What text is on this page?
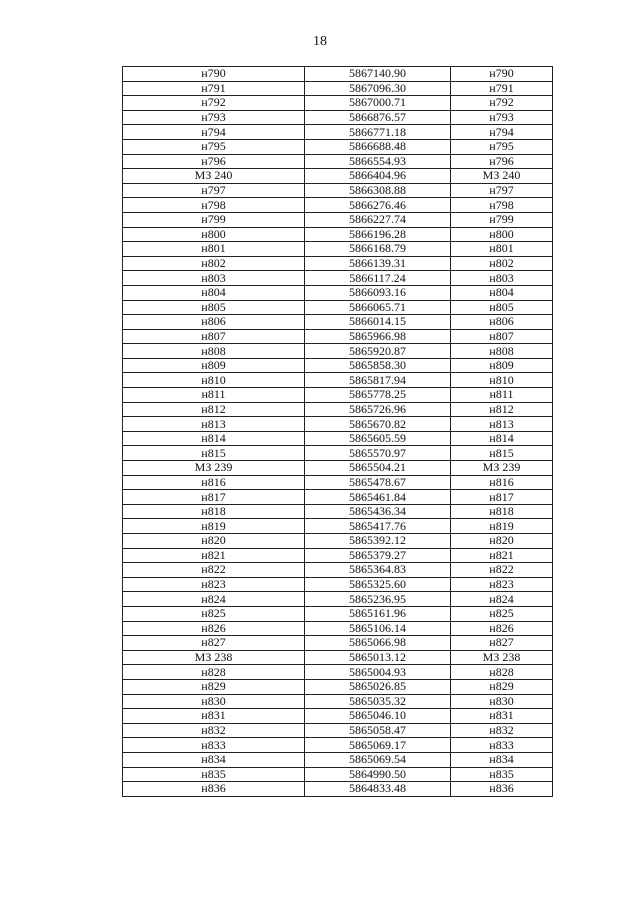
18
н790	5867140.90	н790
н791	5867096.30	н791
н792	5867000.71	н792
н793	5866876.57	н793
н794	5866771.18	н794
н795	5866688.48	н795
н796	5866554.93	н796
МЗ 240	5866404.96	МЗ 240
н797	5866308.88	н797
н798	5866276.46	н798
н799	5866227.74	н799
н800	5866196.28	н800
н801	5866168.79	н801
н802	5866139.31	н802
н803	5866117.24	н803
н804	5866093.16	н804
н805	5866065.71	н805
н806	5866014.15	н806
н807	5865966.98	н807
н808	5865920.87	н808
н809	5865858.30	н809
н810	5865817.94	н810
н811	5865778.25	н811
н812	5865726.96	н812
н813	5865670.82	н813
н814	5865605.59	н814
н815	5865570.97	н815
МЗ 239	5865504.21	МЗ 239
н816	5865478.67	н816
н817	5865461.84	н817
н818	5865436.34	н818
н819	5865417.76	н819
н820	5865392.12	н820
н821	5865379.27	н821
н822	5865364.83	н822
н823	5865325.60	н823
н824	5865236.95	н824
н825	5865161.96	н825
н826	5865106.14	н826
н827	5865066.98	н827
МЗ 238	5865013.12	МЗ 238
н828	5865004.93	н828
н829	5865026.85	н829
н830	5865035.32	н830
н831	5865046.10	н831
н832	5865058.47	н832
н833	5865069.17	н833
н834	5865069.54	н834
н835	5864990.50	н835
н836	5864833.48	н836
